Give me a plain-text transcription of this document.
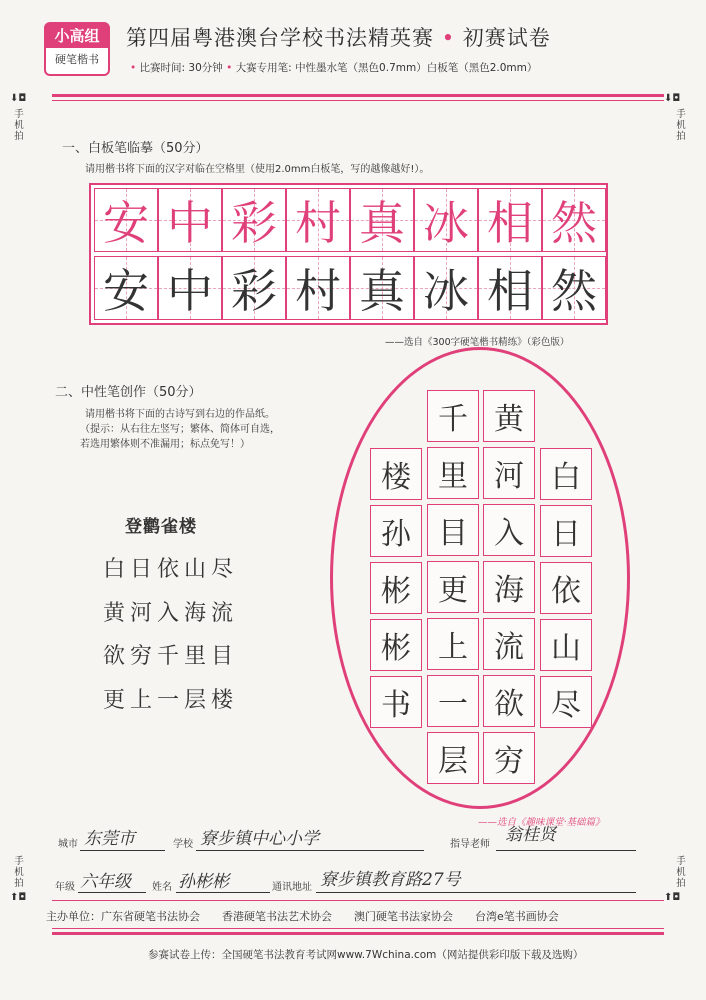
小高组
硬笔楷书
第四届粤港澳台学校书法精英赛 • 初赛试卷
• 比赛时间: 30分钟 • 大赛专用笔: 中性墨水笔（黑色0.7mm）白板笔（黑色2.0mm）
⬇◘
手机拍
⬇◘
手机拍
手机拍
⬆◘
手机拍
⬆◘
一、白板笔临摹（50分）
请用楷书将下面的汉字对临在空格里（使用2.0mm白板笔，写的越像越好!）。
安 中 彩 村 真 冰 相 然
安 中 彩 村 真 冰 相 然
——选自《300字硬笔楷书精练》（彩色版）
二、中性笔创作（50分）
请用楷书将下面的古诗写到右边的作品纸。
（提示：从右往左竖写；繁体、简体可自选，
若选用繁体则不准漏用；标点免写！）
登鹳雀楼
白日依山尽
黄河入海流
欲穷千里目
更上一层楼
白
日
依
山
尽
黄
河
入
海
流
欲
穷
千
里
目
更
上
一
层
楼
孙
彬
彬
书
——选自《趣味课堂·基础篇》
城市 东莞市	学校 寮步镇中心小学	指导老师 翁桂贤
年级 六年级 姓名 孙彬彬	通讯地址 寮步镇教育路27号
主办单位：广东省硬笔书法协会　　香港硬笔书法艺术协会　　澳门硬笔书法家协会　　台湾e笔书画协会
参赛试卷上传：全国硬笔书法教育考试网www.7Wchina.com（网站提供彩印版下载及选购）
